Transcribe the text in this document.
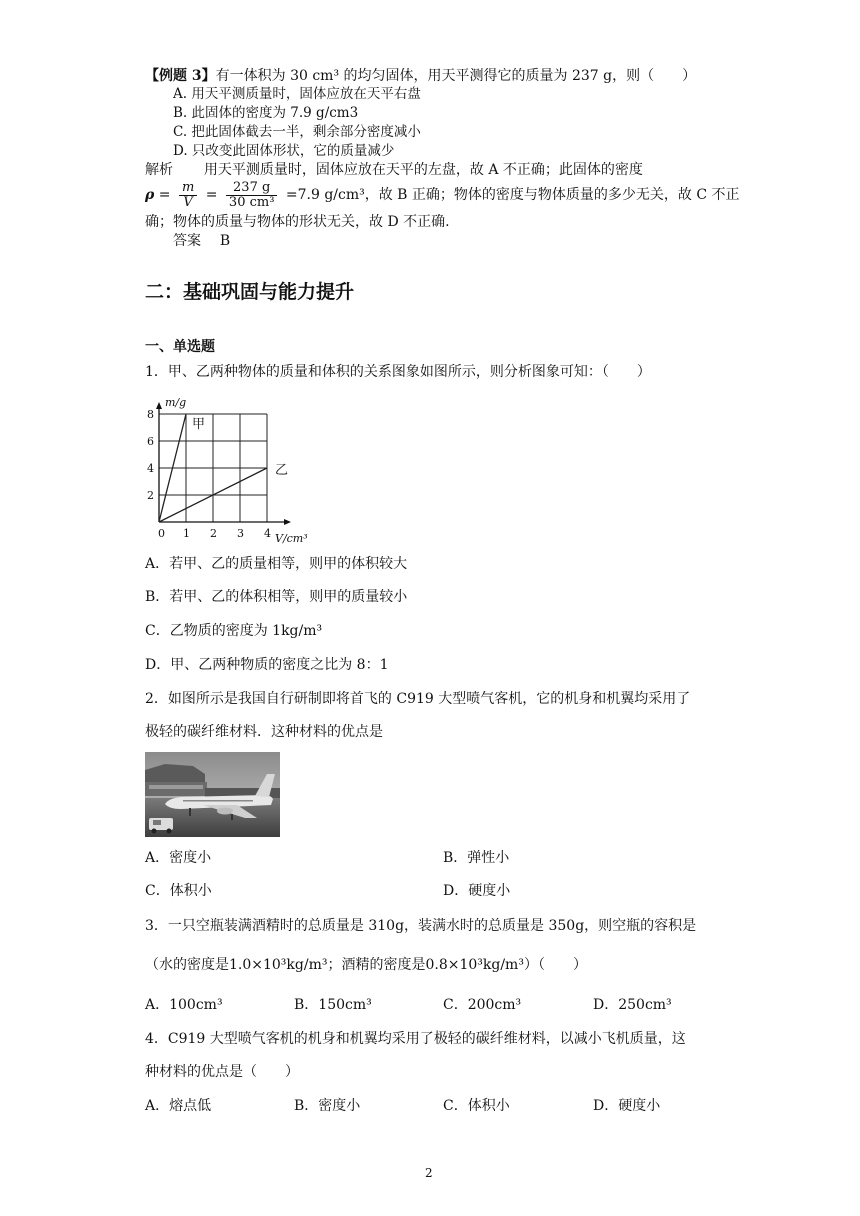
【例题 3】有一体积为 30 cm³ 的均匀固体，用天平测得它的质量为 237 g，则（　　）
A. 用天平测质量时，固体应放在天平右盘
B. 此固体的密度为 7.9 g/cm3
C. 把此固体截去一半，剩余部分密度减小
D. 只改变此固体形状，它的质量减少
解析 用天平测质量时，固体应放在天平的左盘，故 A 不正确；此固体的密度
$\rho = \frac{m}{V} = \frac{237 g}{\text{30 cm³}} =7.9$ g/cm³，故 B 正确；物体的密度与物体质量的多少无关，故 C 不正
确；物体的质量与物体的形状无关，故 D 不正确.
答案 B
二：基础巩固与能力提升
一、单选题
1．甲、乙两种物体的质量和体积的关系图象如图所示，则分析图象可知：（　　）
甲
乙
0 1 2 3 4
2
4
6
8
m/g
V/cm³
A．若甲、乙的质量相等，则甲的体积较大
B．若甲、乙的体积相等，则甲的质量较小
C．乙物质的密度为 1kg/m³
D．甲、乙两种物质的密度之比为 8：1
2．如图所示是我国自行研制即将首飞的 C919 大型喷气客机，它的机身和机翼均采用了
极轻的碳纤维材料．这种材料的优点是
A．密度小	B．弹性小
C．体积小	D．硬度小
3．一只空瓶装满酒精时的总质量是 310g，装满水时的总质量是 350g，则空瓶的容积是
（水的密度是1.0×10³kg/m³；酒精的密度是0.8×10³kg/m³）（　　）
A．100cm³	B．150cm³	C．200cm³	D．250cm³
4．C919 大型喷气客机的机身和机翼均采用了极轻的碳纤维材料，以减小飞机质量，这
种材料的优点是（　　）
A．熔点低	B．密度小	C．体积小	D．硬度小
2
